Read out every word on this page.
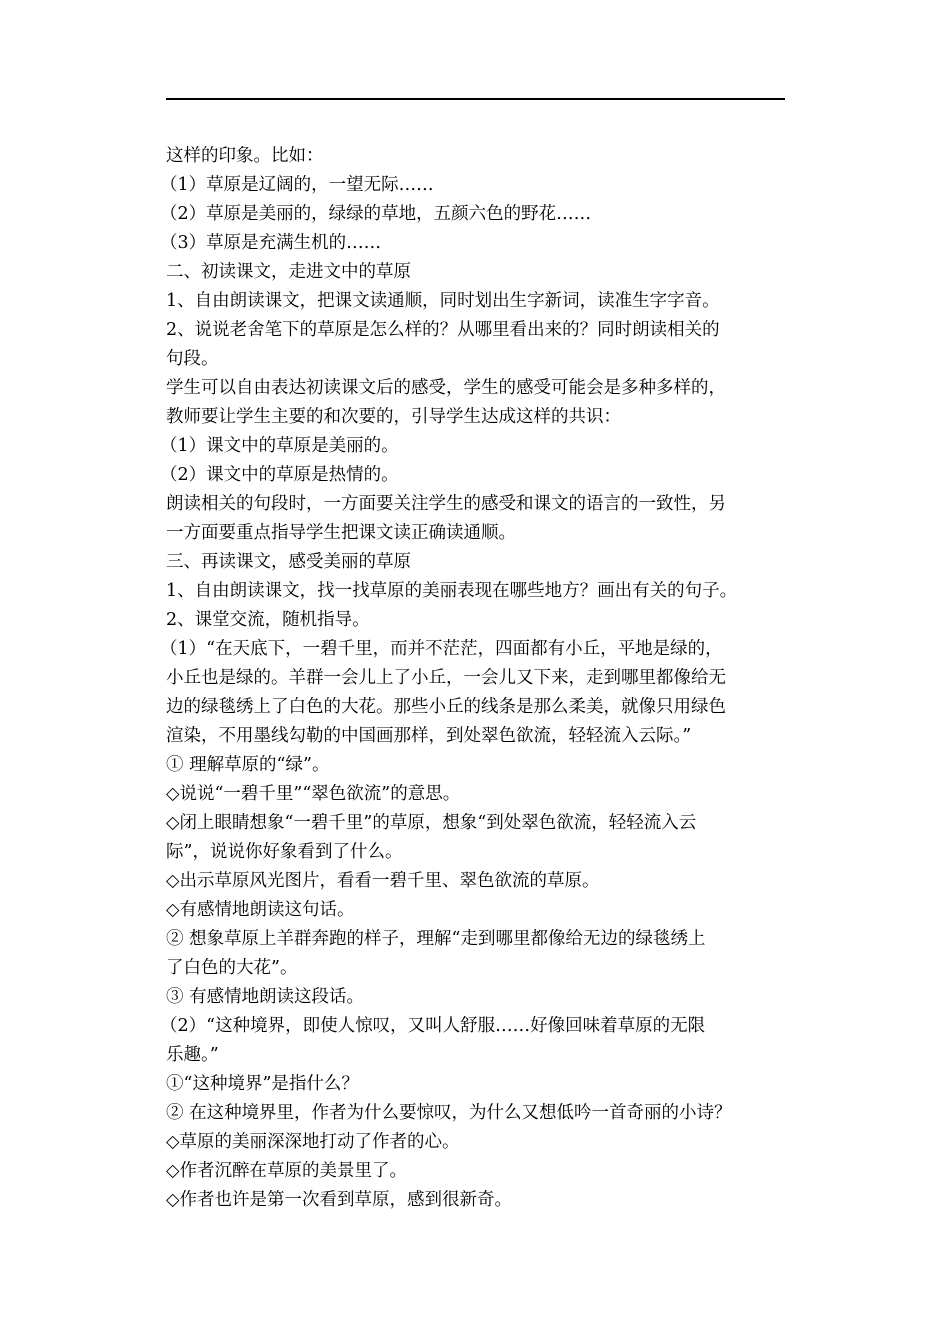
这样的印象。比如：
（1）草原是辽阔的，一望无际……
（2）草原是美丽的，绿绿的草地，五颜六色的野花……
（3）草原是充满生机的……
二、初读课文，走进文中的草原
1、自由朗读课文，把课文读通顺，同时划出生字新词，读准生字字音。
2、说说老舍笔下的草原是怎么样的？从哪里看出来的？同时朗读相关的
句段。
学生可以自由表达初读课文后的感受，学生的感受可能会是多种多样的，
教师要让学生主要的和次要的，引导学生达成这样的共识：
（1）课文中的草原是美丽的。
（2）课文中的草原是热情的。
朗读相关的句段时，一方面要关注学生的感受和课文的语言的一致性，另
一方面要重点指导学生把课文读正确读通顺。
三、再读课文，感受美丽的草原
1、自由朗读课文，找一找草原的美丽表现在哪些地方？画出有关的句子。
2、课堂交流，随机指导。
（1）“在天底下，一碧千里，而并不茫茫，四面都有小丘，平地是绿的，
小丘也是绿的。羊群一会儿上了小丘，一会儿又下来，走到哪里都像给无
边的绿毯绣上了白色的大花。那些小丘的线条是那么柔美，就像只用绿色
渲染，不用墨线勾勒的中国画那样，到处翠色欲流，轻轻流入云际。”
① 理解草原的“绿”。
◇说说“一碧千里”“翠色欲流”的意思。
◇闭上眼睛想象“一碧千里”的草原，想象“到处翠色欲流，轻轻流入云
际”，说说你好象看到了什么。
◇出示草原风光图片，看看一碧千里、翠色欲流的草原。
◇有感情地朗读这句话。
② 想象草原上羊群奔跑的样子，理解“走到哪里都像给无边的绿毯绣上
了白色的大花”。
③ 有感情地朗读这段话。
（2）“这种境界，即使人惊叹，又叫人舒服……好像回味着草原的无限
乐趣。”
①“这种境界”是指什么？
② 在这种境界里，作者为什么要惊叹，为什么又想低吟一首奇丽的小诗？
◇草原的美丽深深地打动了作者的心。
◇作者沉醉在草原的美景里了。
◇作者也许是第一次看到草原，感到很新奇。
